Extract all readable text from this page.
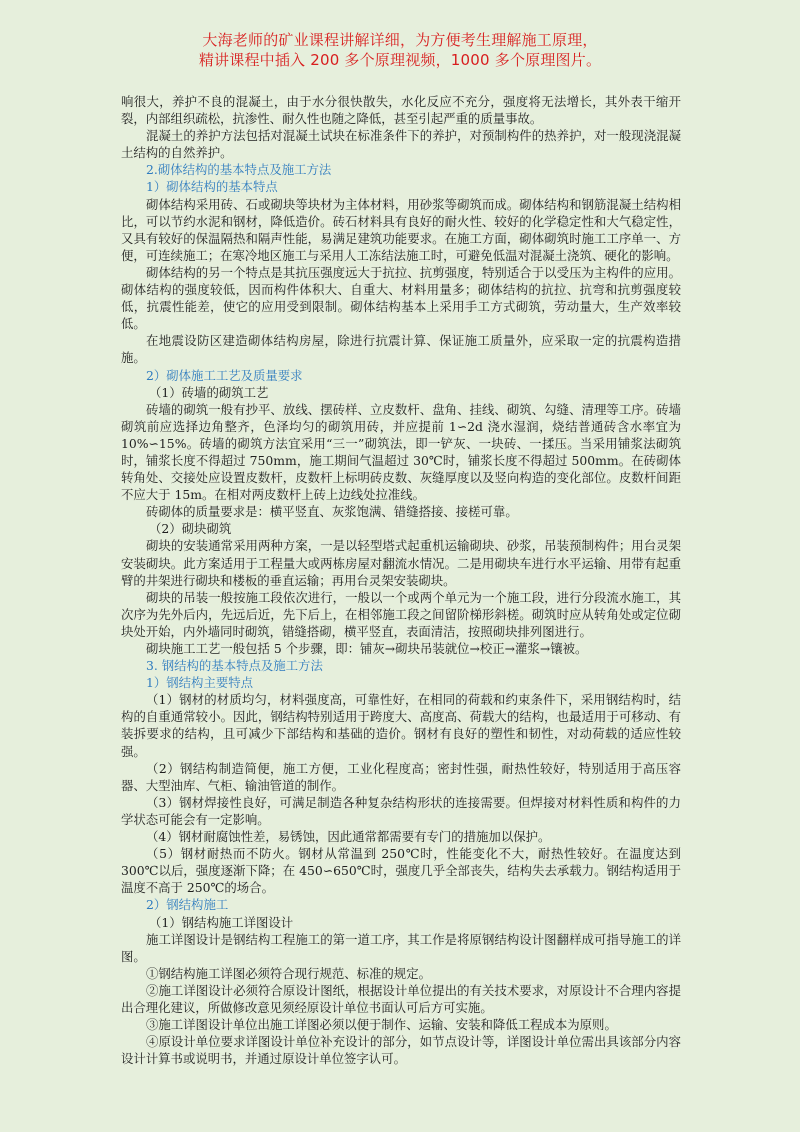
大海老师的矿业课程讲解详细，为方便考生理解施工原理，
精讲课程中插入 200 多个原理视频，1000 多个原理图片。

响很大，养护不良的混凝土，由于水分很快散失，水化反应不充分，强度将无法增长，其外表干缩开裂，内部组织疏松，抗渗性、耐久性也随之降低，甚至引起严重的质量事故。

混凝土的养护方法包括对混凝土试块在标准条件下的养护，对预制构件的热养护，对一般现浇混凝土结构的自然养护。

2.砌体结构的基本特点及施工方法

1）砌体结构的基本特点

砌体结构采用砖、石或砌块等块材为主体材料，用砂浆等砌筑而成。砌体结构和钢筋混凝土结构相比，可以节约水泥和钢材，降低造价。砖石材料具有良好的耐火性、较好的化学稳定性和大气稳定性，又具有较好的保温隔热和隔声性能，易满足建筑功能要求。在施工方面，砌体砌筑时施工工序单一、方便，可连续施工；在寒冷地区施工与采用人工冻结法施工时，可避免低温对混凝土浇筑、硬化的影响。

砌体结构的另一个特点是其抗压强度远大于抗拉、抗剪强度，特别适合于以受压为主构件的应用。砌体结构的强度较低，因而构件体积大、自重大、材料用量多；砌体结构的抗拉、抗弯和抗剪强度较低，抗震性能差，使它的应用受到限制。砌体结构基本上采用手工方式砌筑，劳动量大，生产效率较低。

在地震设防区建造砌体结构房屋，除进行抗震计算、保证施工质量外，应采取一定的抗震构造措施。

2）砌体施工工艺及质量要求

（1）砖墙的砌筑工艺

砖墙的砌筑一般有抄平、放线、摆砖样、立皮数杆、盘角、挂线、砌筑、勾缝、清理等工序。砖墙砌筑前应选择边角整齐，色泽均匀的砌筑用砖，并应提前 1∽2d 浇水湿润，烧结普通砖含水率宜为 10%∽15%。砖墙的砌筑方法宜采用“三一”砌筑法，即一铲灰、一块砖、一揉压。当采用铺浆法砌筑时，铺浆长度不得超过 750mm，施工期间气温超过 30℃时，铺浆长度不得超过 500mm。在砖砌体转角处、交接处应设置皮数杆，皮数杆上标明砖皮数、灰缝厚度以及竖向构造的变化部位。皮数杆间距不应大于 15m。在相对两皮数杆上砖上边线处拉准线。

砖砌体的质量要求是：横平竖直、灰浆饱满、错缝搭接、接槎可靠。

（2）砌块砌筑

砌块的安装通常采用两种方案，一是以轻型塔式起重机运输砌块、砂浆，吊装预制构件；用台灵架安装砌块。此方案适用于工程量大或两栋房屋对翻流水情况。二是用砌块车进行水平运输、用带有起重臂的井架进行砌块和楼板的垂直运输；再用台灵架安装砌块。

砌块的吊装一般按施工段依次进行，一般以一个或两个单元为一个施工段，进行分段流水施工，其次序为先外后内，先远后近，先下后上，在相邻施工段之间留阶梯形斜槎。砌筑时应从转角处或定位砌块处开始，内外墙同时砌筑，错缝搭砌，横平竖直，表面清洁，按照砌块排列图进行。

砌块施工工艺一般包括 5 个步骤，即：铺灰→砌块吊装就位→校正→灌浆→镶被。

3. 钢结构的基本特点及施工方法

1）钢结构主要特点

（1）钢材的材质均匀，材料强度高，可靠性好，在相同的荷载和约束条件下，采用钢结构时，结构的自重通常较小。因此，钢结构特别适用于跨度大、高度高、荷载大的结构，也最适用于可移动、有装拆要求的结构，且可减少下部结构和基础的造价。钢材有良好的塑性和韧性，对动荷载的适应性较强。

（2）钢结构制造简便，施工方便，工业化程度高；密封性强，耐热性较好，特别适用于高压容器、大型油库、气柜、输油管道的制作。

（3）钢材焊接性良好，可满足制造各种复杂结构形状的连接需要。但焊接对材料性质和构件的力学状态可能会有一定影响。

（4）钢材耐腐蚀性差，易锈蚀，因此通常都需要有专门的措施加以保护。

（5）钢材耐热而不防火。钢材从常温到 250℃时，性能变化不大，耐热性较好。在温度达到 300℃以后，强度逐渐下降；在 450∽650℃时，强度几乎全部丧失，结构失去承载力。钢结构适用于温度不高于 250℃的场合。

2）钢结构施工

（1）钢结构施工详图设计

施工详图设计是钢结构工程施工的第一道工序，其工作是将原钢结构设计图翻样成可指导施工的详图。

①钢结构施工详图必须符合现行规范、标准的规定。

②施工详图设计必须符合原设计图纸，根据设计单位提出的有关技术要求，对原设计不合理内容提出合理化建议，所做修改意见须经原设计单位书面认可后方可实施。

③施工详图设计单位出施工详图必须以便于制作、运输、安装和降低工程成本为原则。

④原设计单位要求详图设计单位补充设计的部分，如节点设计等，详图设计单位需出具该部分内容设计计算书或说明书，并通过原设计单位签字认可。
